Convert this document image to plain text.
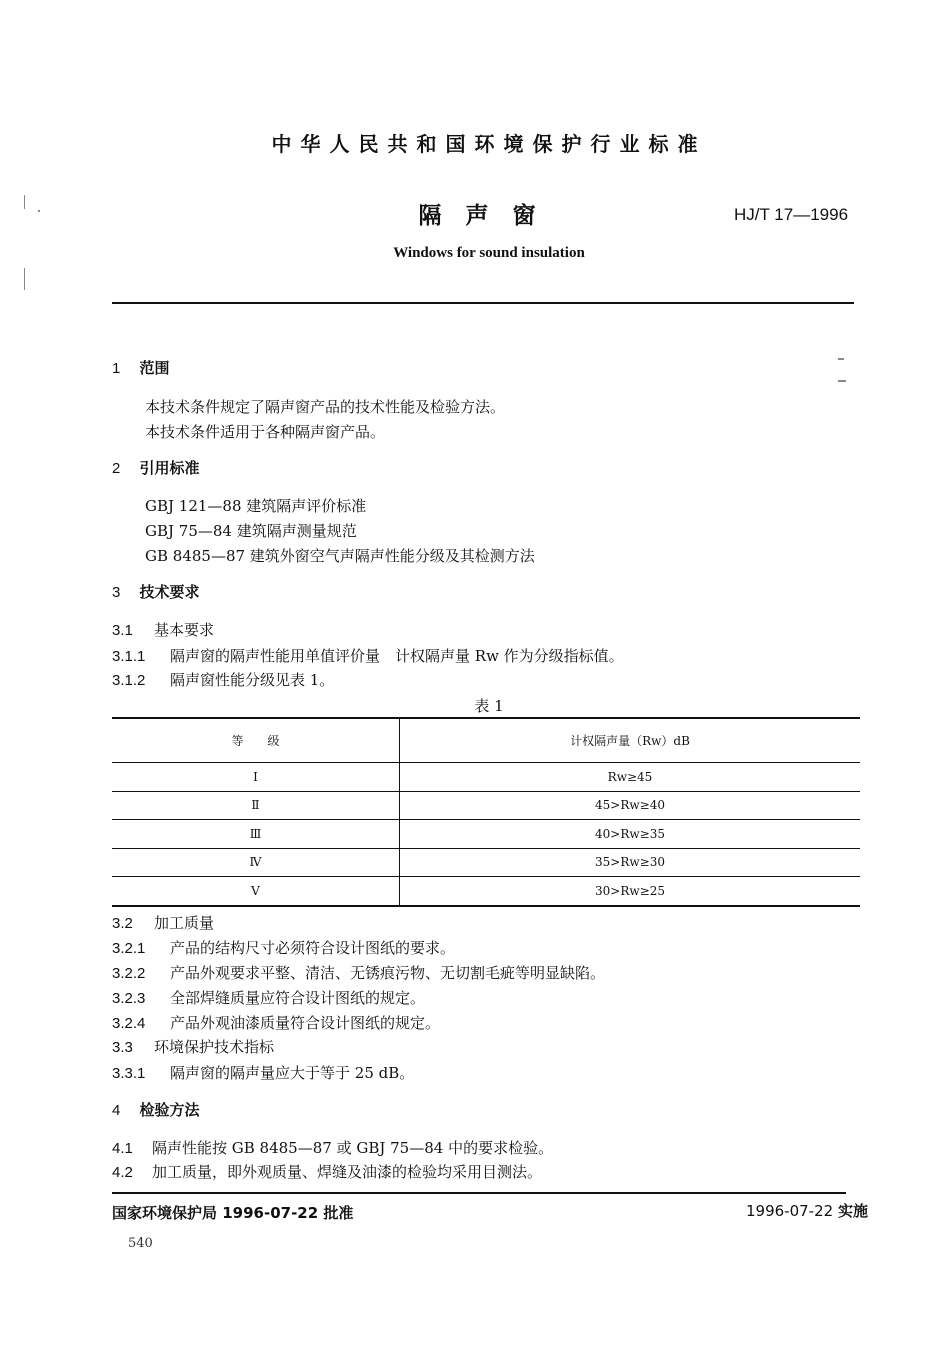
中华人民共和国环境保护行业标准
隔声窗	HJ/T 17—1996
Windows for sound insulation
1 范围
本技术条件规定了隔声窗产品的技术性能及检验方法。
本技术条件适用于各种隔声窗产品。
2 引用标准
GBJ 121—88 建筑隔声评价标准
GBJ 75—84 建筑隔声测量规范
GB 8485—87 建筑外窗空气声隔声性能分级及其检测方法
3 技术要求
3.1 基本要求
3.1.1 隔声窗的隔声性能用单值评价量　计权隔声量 Rw 作为分级指标值。
3.1.2 隔声窗性能分级见表 1。
表 1
等　　级	计权隔声量（Rw）dB
Ⅰ	Rw≥45
Ⅱ	45>Rw≥40
Ⅲ	40>Rw≥35
Ⅳ	35>Rw≥30
Ⅴ	30>Rw≥25
3.2 加工质量
3.2.1 产品的结构尺寸必须符合设计图纸的要求。
3.2.2 产品外观要求平整、清洁、无锈痕污物、无切割毛疵等明显缺陷。
3.2.3 全部焊缝质量应符合设计图纸的规定。
3.2.4 产品外观油漆质量符合设计图纸的规定。
3.3 环境保护技术指标
3.3.1 隔声窗的隔声量应大于等于 25 dB。
4 检验方法
4.1 隔声性能按 GB 8485—87 或 GBJ 75—84 中的要求检验。
4.2 加工质量，即外观质量、焊缝及油漆的检验均采用目测法。
国家环境保护局 1996-07-22 批准	1996-07-22 实施
540
